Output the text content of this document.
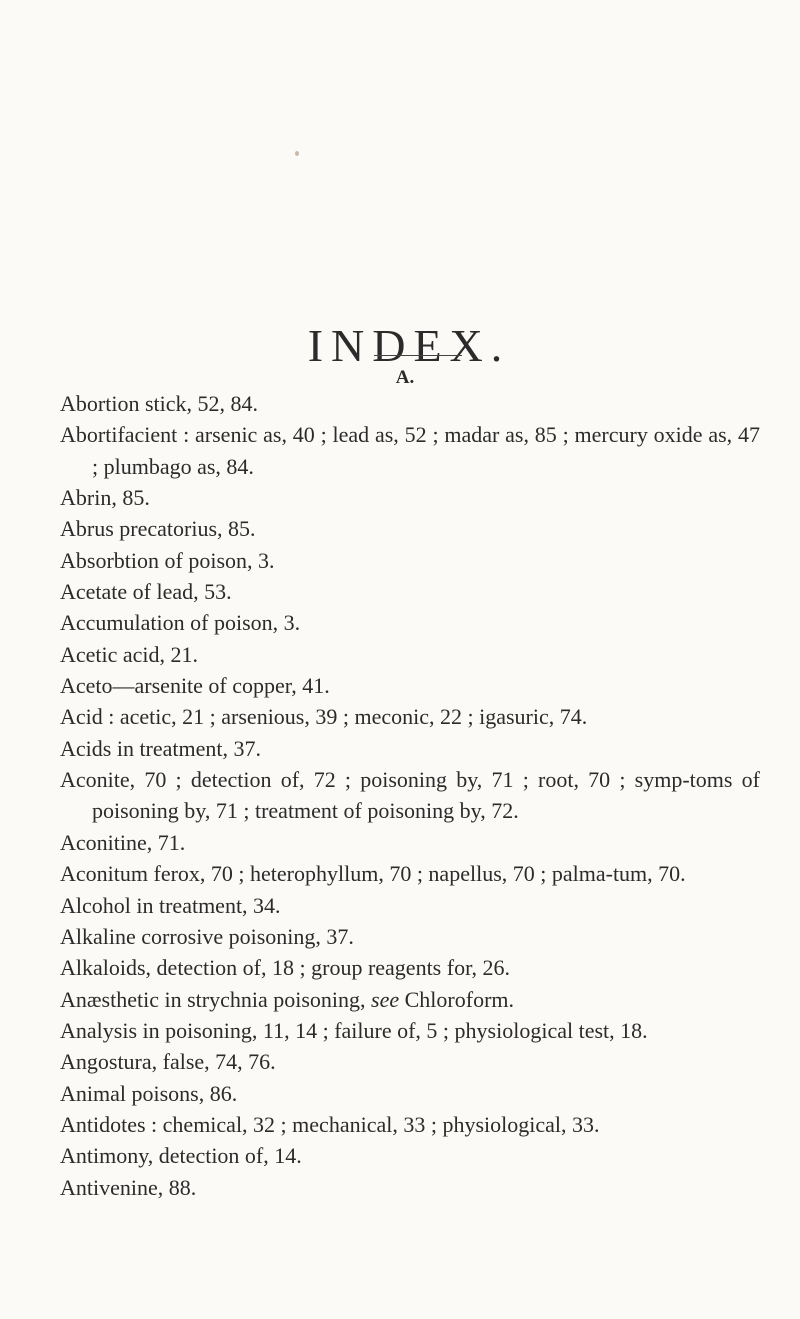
INDEX.
A.

Abortion stick, 52, 84.

Abortifacient : arsenic as, 40 ; lead as, 52 ; madar as, 85 ; mercury oxide as, 47 ; plumbago as, 84.

Abrin, 85.

Abrus precatorius, 85.

Absorbtion of poison, 3.

Acetate of lead, 53.

Accumulation of poison, 3.

Acetic acid, 21.

Aceto—arsenite of copper, 41.

Acid : acetic, 21 ; arsenious, 39 ; meconic, 22 ; igasuric, 74.

Acids in treatment, 37.

Aconite, 70 ; detection of, 72 ; poisoning by, 71 ; root, 70 ; symp-toms of poisoning by, 71 ; treatment of poisoning by, 72.

Aconitine, 71.

Aconitum ferox, 70 ; heterophyllum, 70 ; napellus, 70 ; palma-tum, 70.

Alcohol in treatment, 34.

Alkaline corrosive poisoning, 37.

Alkaloids, detection of, 18 ; group reagents for, 26.

Anæsthetic in strychnia poisoning, see Chloroform.

Analysis in poisoning, 11, 14 ; failure of, 5 ; physiological test, 18.

Angostura, false, 74, 76.

Animal poisons, 86.

Antidotes : chemical, 32 ; mechanical, 33 ; physiological, 33.

Antimony, detection of, 14.

Antivenine, 88.
